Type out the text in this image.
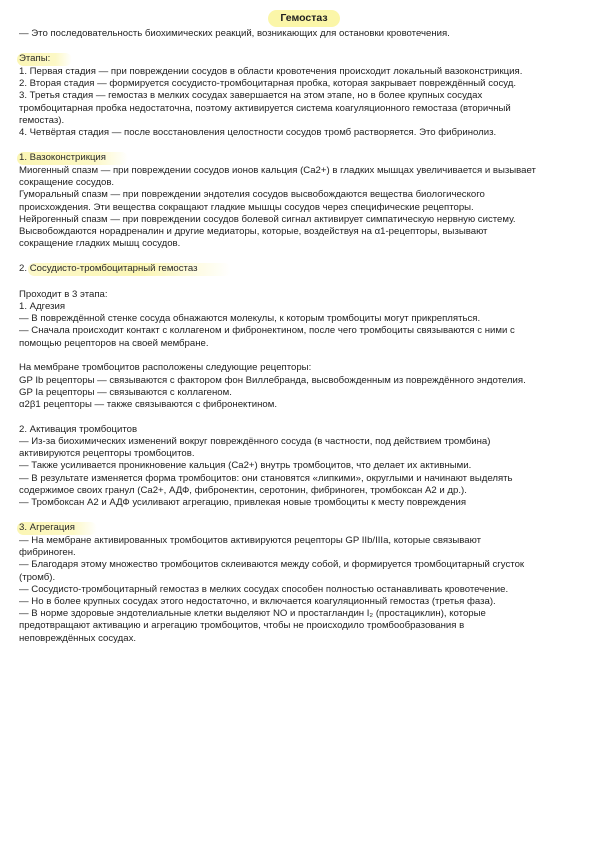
Гемостаз
— Это последовательность биохимических реакций, возникающих для остановки кровотечения.
Этапы:
1. Первая стадия — при повреждении сосудов в области кровотечения происходит локальный вазоконстрикция.
2. Вторая стадия — формируется сосудисто-тромбоцитарная пробка, которая закрывает повреждённый сосуд.
3. Третья стадия — гемостаз в мелких сосудах завершается на этом этапе, но в более крупных сосудах
тромбоцитарная пробка недостаточна, поэтому активируется система коагуляционного гемостаза (вторичный
гемостаз).
4. Четвёртая стадия — после восстановления целостности сосудов тромб растворяется. Это фибринолиз.
1. Вазоконстрикция
Миогенный спазм — при повреждении сосудов ионов кальция (Ca2+) в гладких мышцах увеличивается и вызывает
сокращение сосудов.
Гуморальный спазм — при повреждении эндотелия сосудов высвобождаются вещества биологического
происхождения. Эти вещества сокращают гладкие мышцы сосудов через специфические рецепторы.
Нейрогенный спазм — при повреждении сосудов болевой сигнал активирует симпатическую нервную систему.
Высвобождаются норадреналин и другие медиаторы, которые, воздействуя на α1-рецепторы, вызывают
сокращение гладких мышц сосудов.
2. Сосудисто-тромбоцитарный гемостаз
Проходит в 3 этапа:
1. Адгезия
— В повреждённой стенке сосуда обнажаются молекулы, к которым тромбоциты могут прикрепляться.
— Сначала происходит контакт с коллагеном и фибронектином, после чего тромбоциты связываются с ними с
помощью рецепторов на своей мембране.
На мембране тромбоцитов расположены следующие рецепторы:
GP Ib рецепторы — связываются с фактором фон Виллебранда, высвобожденным из повреждённого эндотелия.
GP Ia рецепторы — связываются с коллагеном.
α2β1 рецепторы — также связываются с фибронектином.
2. Активация тромбоцитов
— Из-за биохимических изменений вокруг повреждённого сосуда (в частности, под действием тромбина)
активируются рецепторы тромбоцитов.
— Также усиливается проникновение кальция (Ca2+) внутрь тромбоцитов, что делает их активными.
— В результате изменяется форма тромбоцитов: они становятся «липкими», округлыми и начинают выделять
содержимое своих гранул (Ca2+, АДФ, фибронектин, серотонин, фибриноген, тромбоксан A2 и др.).
— Тромбоксан A2 и АДФ усиливают агрегацию, привлекая новые тромбоциты к месту повреждения
3. Агрегация
— На мембране активированных тромбоцитов активируются рецепторы GP IIb/IIIa, которые связывают
фибриноген.
— Благодаря этому множество тромбоцитов склеиваются между собой, и формируется тромбоцитарный сгусток
(тромб).
— Сосудисто-тромбоцитарный гемостаз в мелких сосудах способен полностью останавливать кровотечение.
— Но в более крупных сосудах этого недостаточно, и включается коагуляционный гемостаз (третья фаза).
— В норме здоровые эндотелиальные клетки выделяют NO и простагландин I₂ (простациклин), которые
предотвращают активацию и агрегацию тромбоцитов, чтобы не происходило тромбообразования в
неповреждённых сосудах.
